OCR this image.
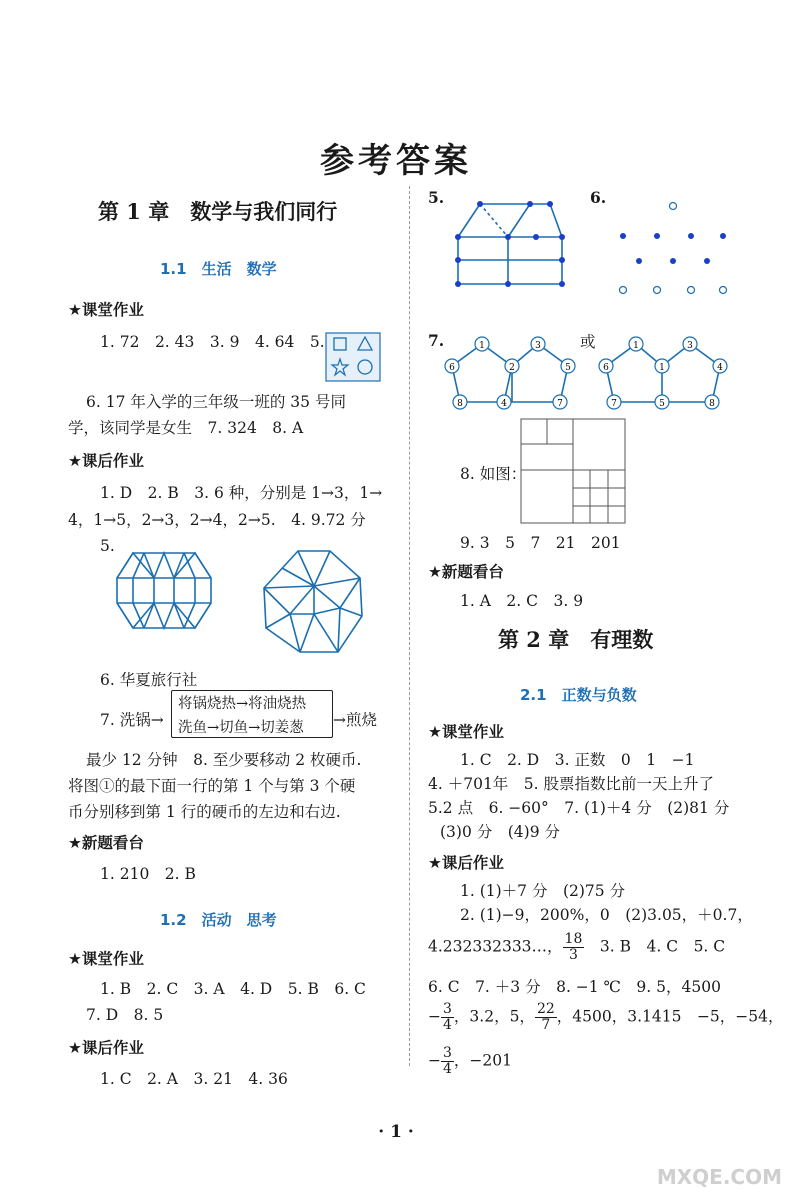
参考答案
第 1 章　数学与我们同行
1.1　生活　数学
★课堂作业
1. 72　2. 43　3. 9　4. 64　5.
6. 17 年入学的三年级一班的 35 号同
学，该同学是女生　7. 324　8. A
★课后作业
1. D　2. B　3. 6 种，分别是 1→3，1→
4，1→5，2→3，2→4，2→5.　4. 9.72 分
5.
6. 华夏旅行社
7. 洗锅→
将锅烧热→将油烧热
洗鱼→切鱼→切姜葱 →煎烧
最少 12 分钟　8. 至少要移动 2 枚硬币.
将图①的最下面一行的第 1 个与第 3 个硬
币分别移到第 1 行的硬币的左边和右边.
★新题看台
1. 210　2. B
1.2　活动　思考
★课堂作业
1. B　2. C　3. A　4. D　5. B　6. C
7. D　8. 5
★课后作业
1. C　2. A　3. 21　4. 36
5.	6.
7.	或
1	3
6	2	5
8	4	7
1	3
6	1	4
7	5	8
8. 如图：
9. 3　5　7　21　201
★新题看台
1. A　2. C　3. 9
第 2 章　有理数
2.1　正数与负数
★课堂作业
1. C　2. D　3. 正数　0　1　−1
4. ＋701年　5. 股票指数比前一天上升了
5.2 点　6. −60°　7. (1)＋4 分　(2)81 分
(3)0 分　(4)9 分
★课后作业
1. (1)＋7 分　(2)75 分
2. (1)−9，200%，0　(2)3.05，＋0.7，
4.232332333…， $\frac{18}{3}$
　 3. B　4. C　5. C
6. C　7. ＋3 分　8. −1 ℃　9. 5，4500
− $\frac{3}{4}$ ，3.2，5， $\frac{22}{7}$ ，4500，3.1415　−5，−54，
− $\frac{3}{4}$ ，−201
· 1 ·
MXQE.COM
